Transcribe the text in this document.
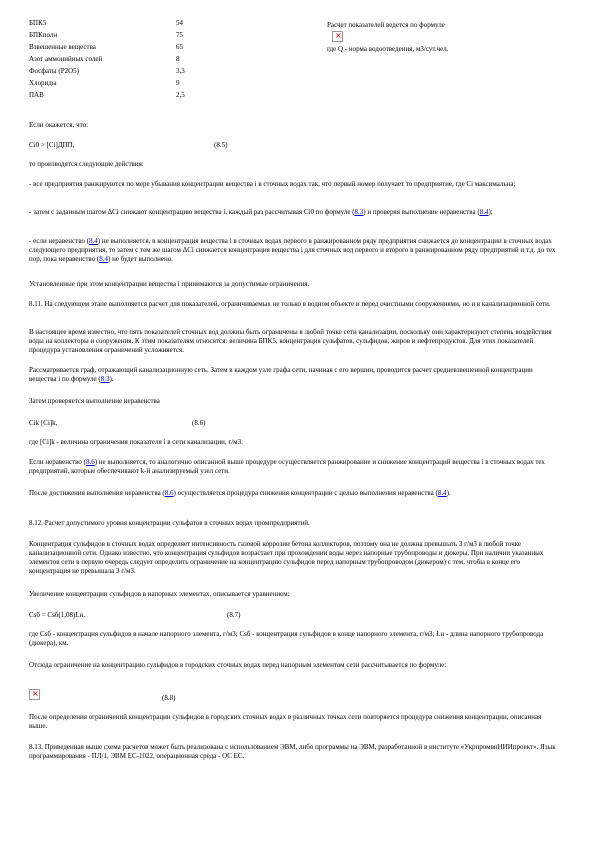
БПК5	54
БПКполн	75
Взвешенные вещества	65
Азот аммонийных солей	8
Фосфаты (P2O5)	3,3
Хлориды	9
ПАВ	2,5
Расчет показателей ведется по формуле
×
где Q - норма водоотведения, м3/сут.чел.

Если окажется, что:

Ci0 > [Ci]ДПП,	(8.5)

то производятся следующие действия:

- все предприятия ранжируются по мере убывания концентрации вещества i в сточных водах так, что первый номер получает то предприятие, где Ci максимальна;

- затем с заданным шагом ΔCi снижают концентрацию вещества i, каждый раз рассчитывая Ci0 по формуле (8.3) и проверяя выполнение неравенства (8.4);

- если неравенство (8.4) не выполняется, в концентрация вещества i в сточных водах первого в ранжированном ряду предприятия снижается до концентрации в сточных водах следующего предприятия, то затем с тем же шагом ΔCi снижается концентрация вещества i для сточных вод первого и второго в ранжированном ряду предприятий и т.д. до тех пор, пока неравенство (8.4) не будет выполнено.

Установленные при этом концентрации вещества i принимаются за допустимые ограничения.

8.11. На следующем этапе выполняется расчет для показателей, ограничиваемых не только в водном объекте и перед очистными сооружениями, но и в канализационной сети.

В настоящее время известно, что пять показателей сточных вод должны быть ограничены в любой точке сети канализации, поскольку они характеризуют степень воздействия воды на коллекторы и сооружения. К этим показателям относятся: величина БПК5, концентрация сульфатов, сульфидов, жиров и нефтепродуктов. Для этих показателей процедура установления ограничений усложняется.

Рассматривается граф, отражающий канализационную сеть. Затем в каждом узле графа сети, начиная с его вершин, проводится расчет средневзвешенной концентрации вещества i по формуле (8.3).

Затем проверяется выполнение неравенства

Cik [Ci]k,	(8.6)

где [Ci]k - величина ограничения показателя i в сети канализации, г/м3.

Если неравенство (8.6) не выполняется, то аналогично описанной выше процедуре осуществляется ранжирование и снижение концентраций вещества i в сточных водах тех предприятий, которые обеспечивают k-й анализируемый узел сети.

После достижения выполнения неравенства (8.6) осуществляется процедура снижения концентрации с целью выполнения неравенства (8.4).

8.12. Расчет допустимого уровня концентрации сульфатов в сточных водах промпредприятий.

Концентрация сульфидов в сточных водах определяет интенсивность газовой коррозии бетона коллекторов, поэтому она не должна превышать 3 г/м3 в любой точке канализационной сети. Однако известно, что концентрация сульфидов возрастает при прохождении воды через напорные трубопроводы и дюкеры. При наличии указанных элементов сети в первую очередь следует определить ограничение на концентрацию сульфидов перед напорным трубопроводом (дюкером) с тем, чтобы в конце его концентрация не превышала 3 г/м3.

Увеличение концентрации сульфидов в напорных элементах, описывается уравнением:

Сsб = Сsб(1,08)Lн,	(8.7)

где Csб - концентрация сульфидов в начале напорного элемента, г/м3; Csб - концентрация сульфидов в конце напорного элемента, г/м3; Lн - длина напорного трубопровода (дюкера), км.

Отсюда ограничение на концентрацию сульфидов в городских сточных водах перед напорным элементом сети рассчитывается по формуле:

×
(8.8)

После определения ограничений концентрации сульфидов в городских сточных водах в различных точках сети повторяется процедура снижения концентрации, описанная выше.

8.13. Приведенная выше схема расчетов может быть реализована с использованием ЭВМ, либо программы на ЭВМ, разработанной в институте «УкрпромвнНИИпроект». Язык программирования - ПЛ/1, ЭВМ ЕС-1022, операционная среда - ОС ЕС.
